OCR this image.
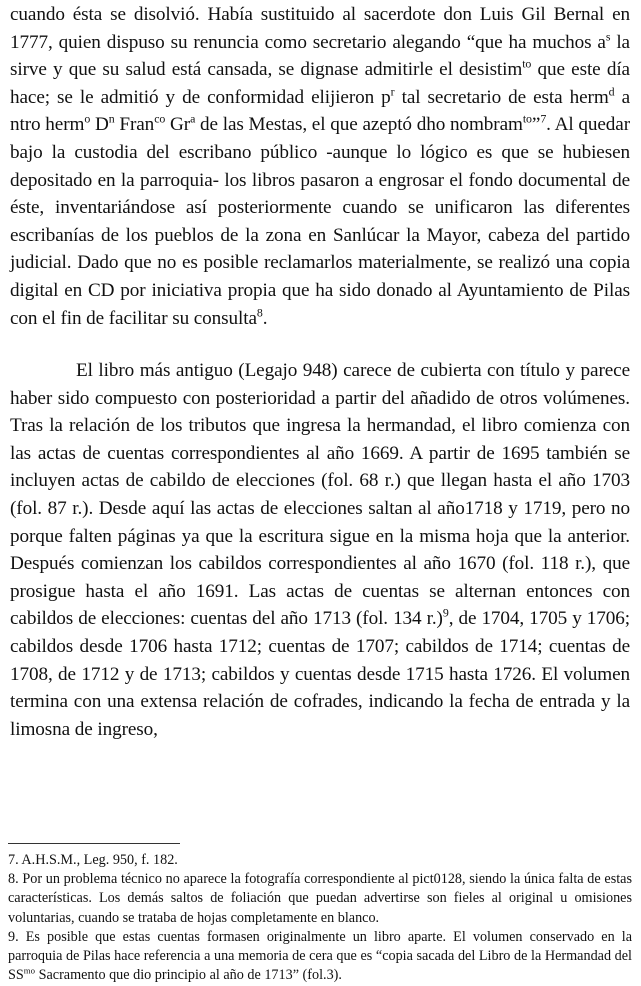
cuando ésta se disolvió. Había sustituido al sacerdote don Luis Gil Bernal en 1777, quien dispuso su renuncia como secretario alegando “que ha muchos $a^s$ la sirve y que su salud está cansada, se dignase admitirle el desistim$^{to}$ que este día hace; se le admitió y de conformidad elijieron $p^r$ tal secretario de esta herm$^d$ a ntro herm$^o$ $D^n$ Fran$^{co}$ Gr$^a$ de las Mestas, el que azeptó dho nombram$^{to}$”$^7$. Al quedar bajo la custodia del escribano público -aunque lo lógico es que se hubiesen depositado en la parroquia- los libros pasaron a engrosar el fondo documental de éste, inventariándose así posteriormente cuando se unificaron las diferentes escribanías de los pueblos de la zona en Sanlúcar la Mayor, cabeza del partido judicial. Dado que no es posible reclamarlos materialmente, se realizó una copia digital en CD por iniciativa propia que ha sido donado al Ayuntamiento de Pilas con el fin de facilitar su consulta$^8$.

El libro más antiguo (Legajo 948) carece de cubierta con título y parece haber sido compuesto con posterioridad a partir del añadido de otros volúmenes. Tras la relación de los tributos que ingresa la hermandad, el libro comienza con las actas de cuentas correspondientes al año 1669. A partir de 1695 también se incluyen actas de cabildo de elecciones (fol. 68 r.) que llegan hasta el año 1703 (fol. 87 r.). Desde aquí las actas de elecciones saltan al año1718 y 1719, pero no porque falten páginas ya que la escritura sigue en la misma hoja que la anterior. Después comienzan los cabildos correspondientes al año 1670 (fol. 118 r.), que prosigue hasta el año 1691. Las actas de cuentas se alternan entonces con cabildos de elecciones: cuentas del año 1713 (fol. 134 r.)$^9$, de 1704, 1705 y 1706; cabildos desde 1706 hasta 1712; cuentas de 1707; cabildos de 1714; cuentas de 1708, de 1712 y de 1713; cabildos y cuentas desde 1715 hasta 1726. El volumen termina con una extensa relación de cofrades, indicando la fecha de entrada y la limosna de ingreso,

7. A.H.S.M., Leg. 950, f. 182.

8. Por un problema técnico no aparece la fotografía correspondiente al pict0128, siendo la única falta de estas características. Los demás saltos de foliación que puedan advertirse son fieles al original u omisiones voluntarias, cuando se trataba de hojas completamente en blanco.

9. Es posible que estas cuentas formasen originalmente un libro aparte. El volumen conservado en la parroquia de Pilas hace referencia a una memoria de cera que es “copia sacada del Libro de la Hermandad del $SS^{mo}$ Sacramento que dio principio al año de 1713” (fol.3).
